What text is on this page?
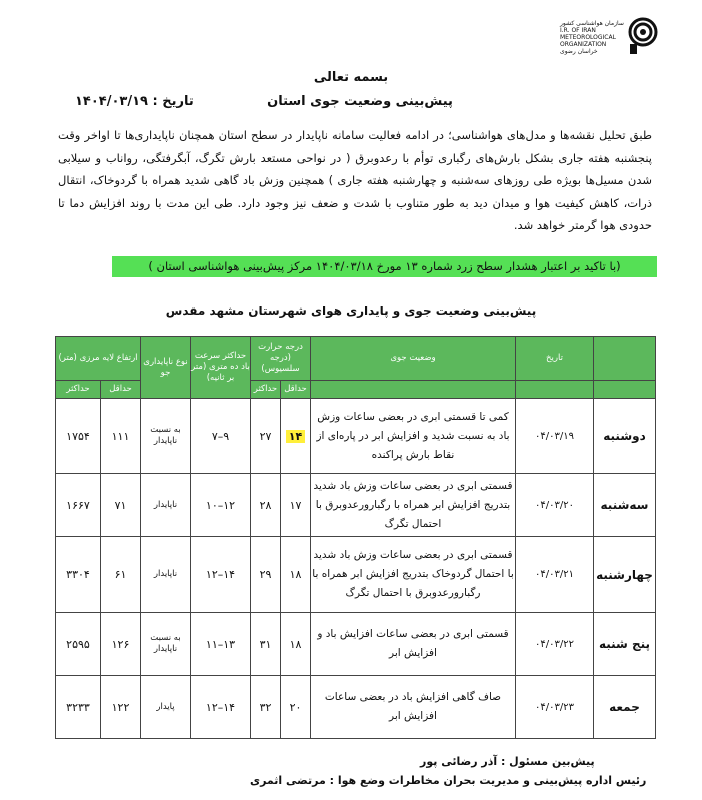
سازمان هواشناسی کشور
I.R. OF IRAN
METEOROLOGICAL
ORGANIZATION
خراسان رضوی
بسمه تعالی
پیش‌بینی وضعیت جوی استان
تاریخ : ۱۴۰۴/۰۳/۱۹
طبق تحلیل نقشه‌ها و مدل‌های هواشناسی؛ در ادامه فعالیت سامانه ناپایدار در سطح استان همچنان ناپایداری‌ها تا اواخر وقت پنجشنبه هفته جاری بشکل بارش‌های رگباری توأم با رعدوبرق ( در نواحی مستعد بارش تگرگ، آبگرفتگی، رواناب و سیلابی شدن مسیل‌ها بویژه طی روزهای سه‌شنبه و چهارشنبه هفته جاری ) همچنین وزش باد گاهی شدید همراه با گردوخاک، انتقال ذرات، کاهش کیفیت هوا و میدان دید به طور متناوب با شدت و ضعف نیز وجود دارد. طی این مدت با روند افزایش دما تا حدودی هوا گرمتر خواهد شد.
(با تاکید بر اعتبار هشدار سطح زرد شماره ۱۳ مورخ ۱۴۰۴/۰۳/۱۸ مرکز پیش‌بینی هواشناسی استان )
پیش‌بینی وضعیت جوی و پایداری هوای شهرستان مشهد مقدس
	تاریخ	وضعیت جوی	درجه حرارت (درجه سلسیوس)		حداکثر سرعت باد ده متری (متر بر ثانیه)	نوع ناپایداری جو	ارتفاع لایه مرزی (متر)	
			حداقل	حداکثر			حداقل	حداکثر
دوشنبه	۰۴/۰۳/۱۹	کمی تا قسمتی ابری در بعضی ساعات وزش باد به نسبت شدید و افزایش ابر در پاره‌ای از نقاط بارش پراکنده	۱۴	۲۷	۹–۷	به نسبت ناپایدار	۱۱۱	۱۷۵۴
سه‌شنبه	۰۴/۰۳/۲۰	قسمتی ابری در بعضی ساعات وزش باد شدید بتدریج افزایش ابر همراه با رگبارورعدوبرق با احتمال تگرگ	۱۷	۲۸	۱۲–۱۰	ناپایدار	۷۱	۱۶۶۷
چهارشنبه	۰۴/۰۳/۲۱	قسمتی ابری در بعضی ساعات وزش باد شدید با احتمال گردوخاک بتدریج افزایش ابر همراه با رگبارورعدوبرق با احتمال تگرگ	۱۸	۲۹	۱۴–۱۲	ناپایدار	۶۱	۳۳۰۴
پنج شنبه	۰۴/۰۳/۲۲	قسمتی ابری در بعضی ساعات افزایش باد و افزایش ابر	۱۸	۳۱	۱۳–۱۱	به نسبت ناپایدار	۱۲۶	۲۵۹۵
جمعه	۰۴/۰۳/۲۳	صاف گاهی افزایش باد در بعضی ساعات افزایش ابر	۲۰	۳۲	۱۴–۱۲	پایدار	۱۲۲	۳۲۳۳
پیش‌بین مسئول : آذر رضائی پور
رئیس اداره پیش‌بینی و مدیریت بحران مخاطرات وضع هوا : مرتضی اثمری
